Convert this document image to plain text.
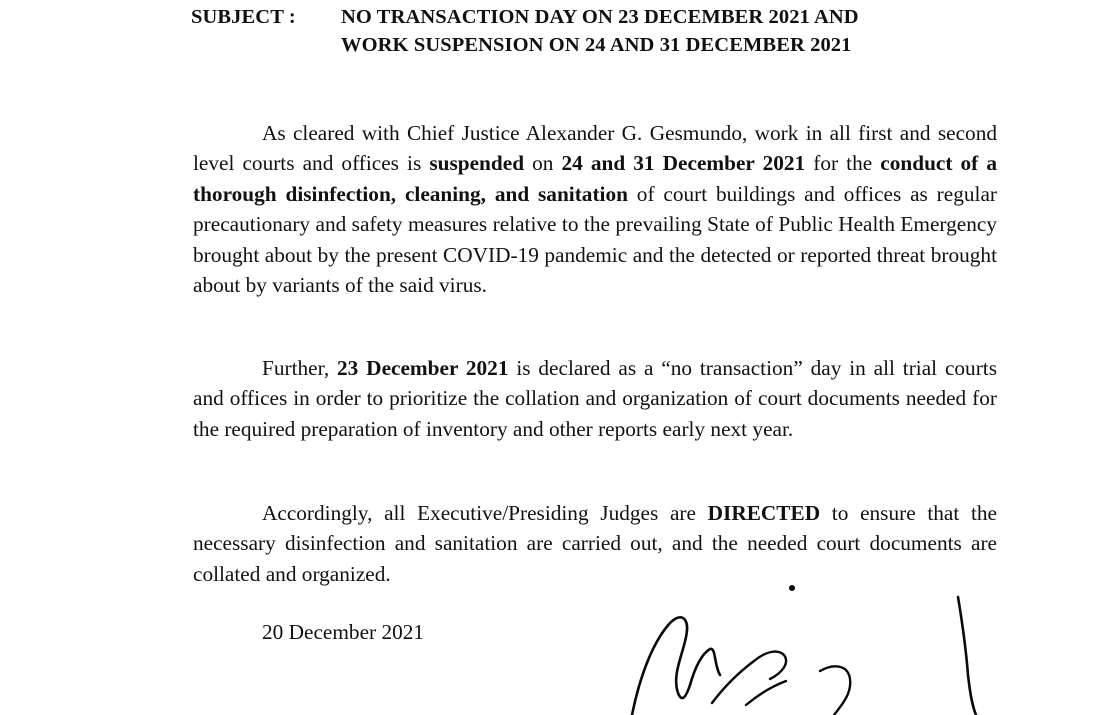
SUBJECT : NO TRANSACTION DAY ON 23 DECEMBER 2021 AND
WORK SUSPENSION ON 24 AND 31 DECEMBER 2021

As cleared with Chief Justice Alexander G. Gesmundo, work in all first and second level courts and offices is suspended on 24 and 31 December 2021 for the conduct of a thorough disinfection, cleaning, and sanitation of court buildings and offices as regular precautionary and safety measures relative to the prevailing State of Public Health Emergency brought about by the present COVID-19 pandemic and the detected or reported threat brought about by variants of the said virus.

Further, 23 December 2021 is declared as a “no transaction” day in all trial courts and offices in order to prioritize the collation and organization of court documents needed for the required preparation of inventory and other reports early next year.

Accordingly, all Executive/Presiding Judges are DIRECTED to ensure that the necessary disinfection and sanitation are carried out, and the needed court documents are collated and organized.

20 December 2021
